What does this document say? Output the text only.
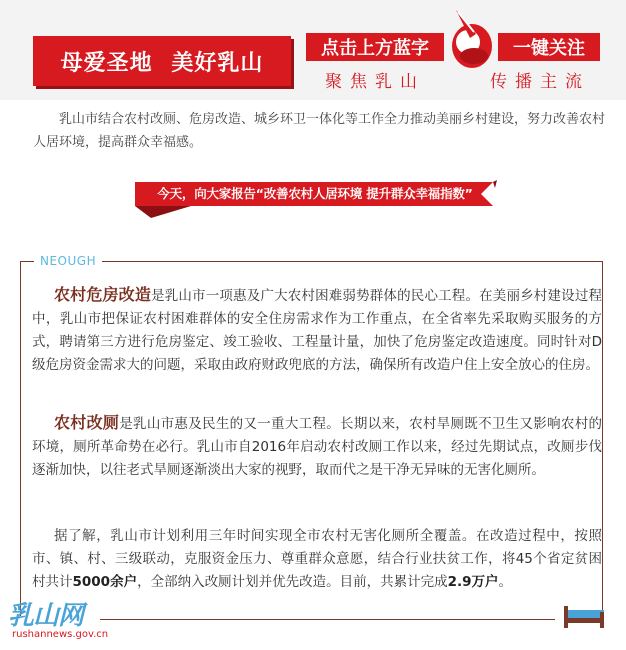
母爱圣地 美好乳山
点击上方蓝字	一键关注
聚焦乳山	传播主流

乳山市结合农村改厕、危房改造、城乡环卫一体化等工作全力推动美丽乡村建设，努力改善农村人居环境，提高群众幸福感。

今天，向大家报告“改善农村人居环境 提升群众幸福指数”
NEOUGH

农村危房改造是乳山市一项惠及广大农村困难弱势群体的民心工程。在美丽乡村建设过程中，乳山市把保证农村困难群体的安全住房需求作为工作重点，在全省率先采取购买服务的方式，聘请第三方进行危房鉴定、竣工验收、工程量计量，加快了危房鉴定改造速度。同时针对D级危房资金需求大的问题，采取由政府财政兜底的方法，确保所有改造户住上安全放心的住房。

农村改厕是乳山市惠及民生的又一重大工程。长期以来，农村旱厕既不卫生又影响农村的环境，厕所革命势在必行。乳山市自2016年启动农村改厕工作以来，经过先期试点，改厕步伐逐渐加快，以往老式旱厕逐渐淡出大家的视野，取而代之是干净无异味的无害化厕所。

据了解，乳山市计划利用三年时间实现全市农村无害化厕所全覆盖。在改造过程中，按照市、镇、村、三级联动，克服资金压力、尊重群众意愿，结合行业扶贫工作，将45个省定贫困村共计5000余户，全部纳入改厕计划并优先改造。目前，共累计完成2.9万户。

乳山网
rushannews.gov.cn
